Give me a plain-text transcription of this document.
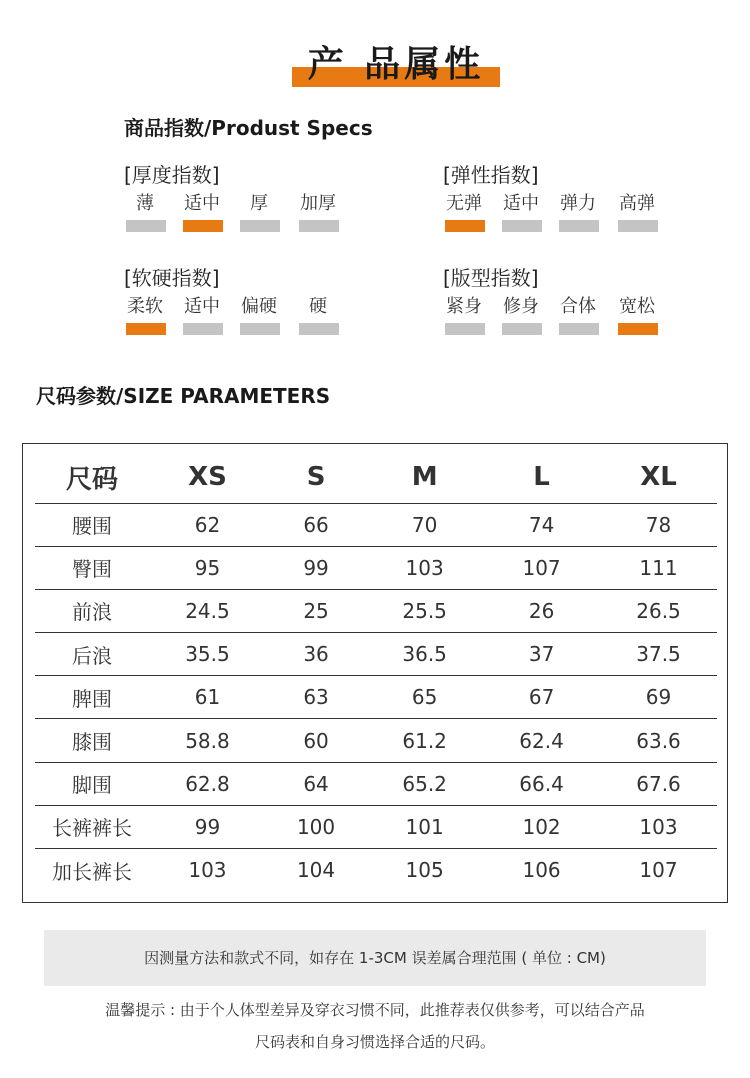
产 品属性
商品指数/Produst Specs
[厚度指数]
薄	适中	厚	加厚
[弹性指数]
无弹 适中 弹力 高弹
[软硬指数]
柔软 适中 偏硬	硬
[版型指数]
紧身 修身 合体 宽松
尺码参数/SIZE PARAMETERS
尺码	XS	S	M	L	XL
腰围	62	66	70	74	78
臀围	95	99	103	107	111
前浪	24.5	25	25.5	26	26.5
后浪	35.5	36	36.5	37	37.5
脾围	61	63	65	67	69
膝围	58.8	60	61.2	62.4	63.6
脚围	62.8	64	65.2	66.4	67.6
长裤裤长	99	100	101	102	103
加长裤长	103	104	105	106	107
因测量方法和款式不同，如存在 1-3CM 误差属合理范围 ( 单位 : CM)
温馨提示 : 由于个人体型差异及穿衣习惯不同，此推荐表仅供参考，可以结合产品
尺码表和自身习惯选择合适的尺码。
